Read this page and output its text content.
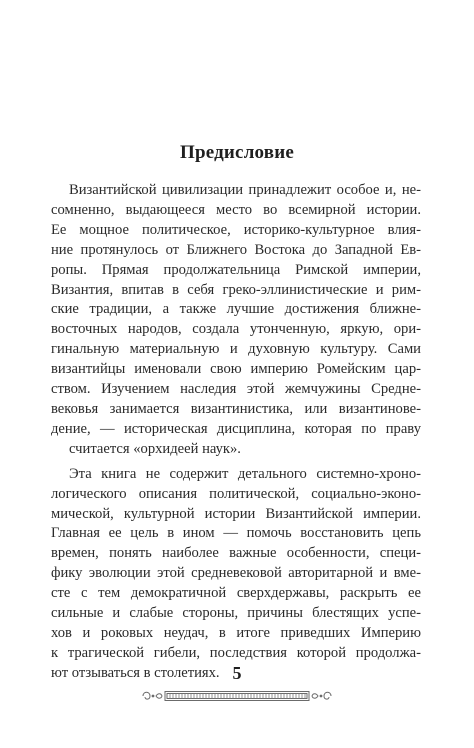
Предисловие
Византийской цивилизации принадлежит особое и, не-
сомненно, выдающееся место во всемирной истории.
Ее мощное политическое, историко-культурное влия-
ние протянулось от Ближнего Востока до Западной Ев-
ропы. Прямая продолжательница Римской империи,
Византия, впитав в себя греко-эллинистические и рим-
ские традиции, а также лучшие достижения ближне-
восточных народов, создала утонченную, яркую, ори-
гинальную материальную и духовную культуру. Сами
византийцы именовали свою империю Ромейским цар-
ством. Изучением наследия этой жемчужины Средне-
вековья занимается византинистика, или византинове-
дение, — историческая дисциплина, которая по праву
считается «орхидеей наук».
Эта книга не содержит детального системно-хроно-
логического описания политической, социально-эконо-
мической, культурной истории Византийской империи.
Главная ее цель в ином — помочь восстановить цепь
времен, понять наиболее важные особенности, специ-
фику эволюции этой средневековой авторитарной и вме-
сте с тем демократичной сверхдержавы, раскрыть ее
сильные и слабые стороны, причины блестящих успе-
хов и роковых неудач, в итоге приведших Империю
к трагической гибели, последствия которой продолжа-
ют отзываться в столетиях. 5
